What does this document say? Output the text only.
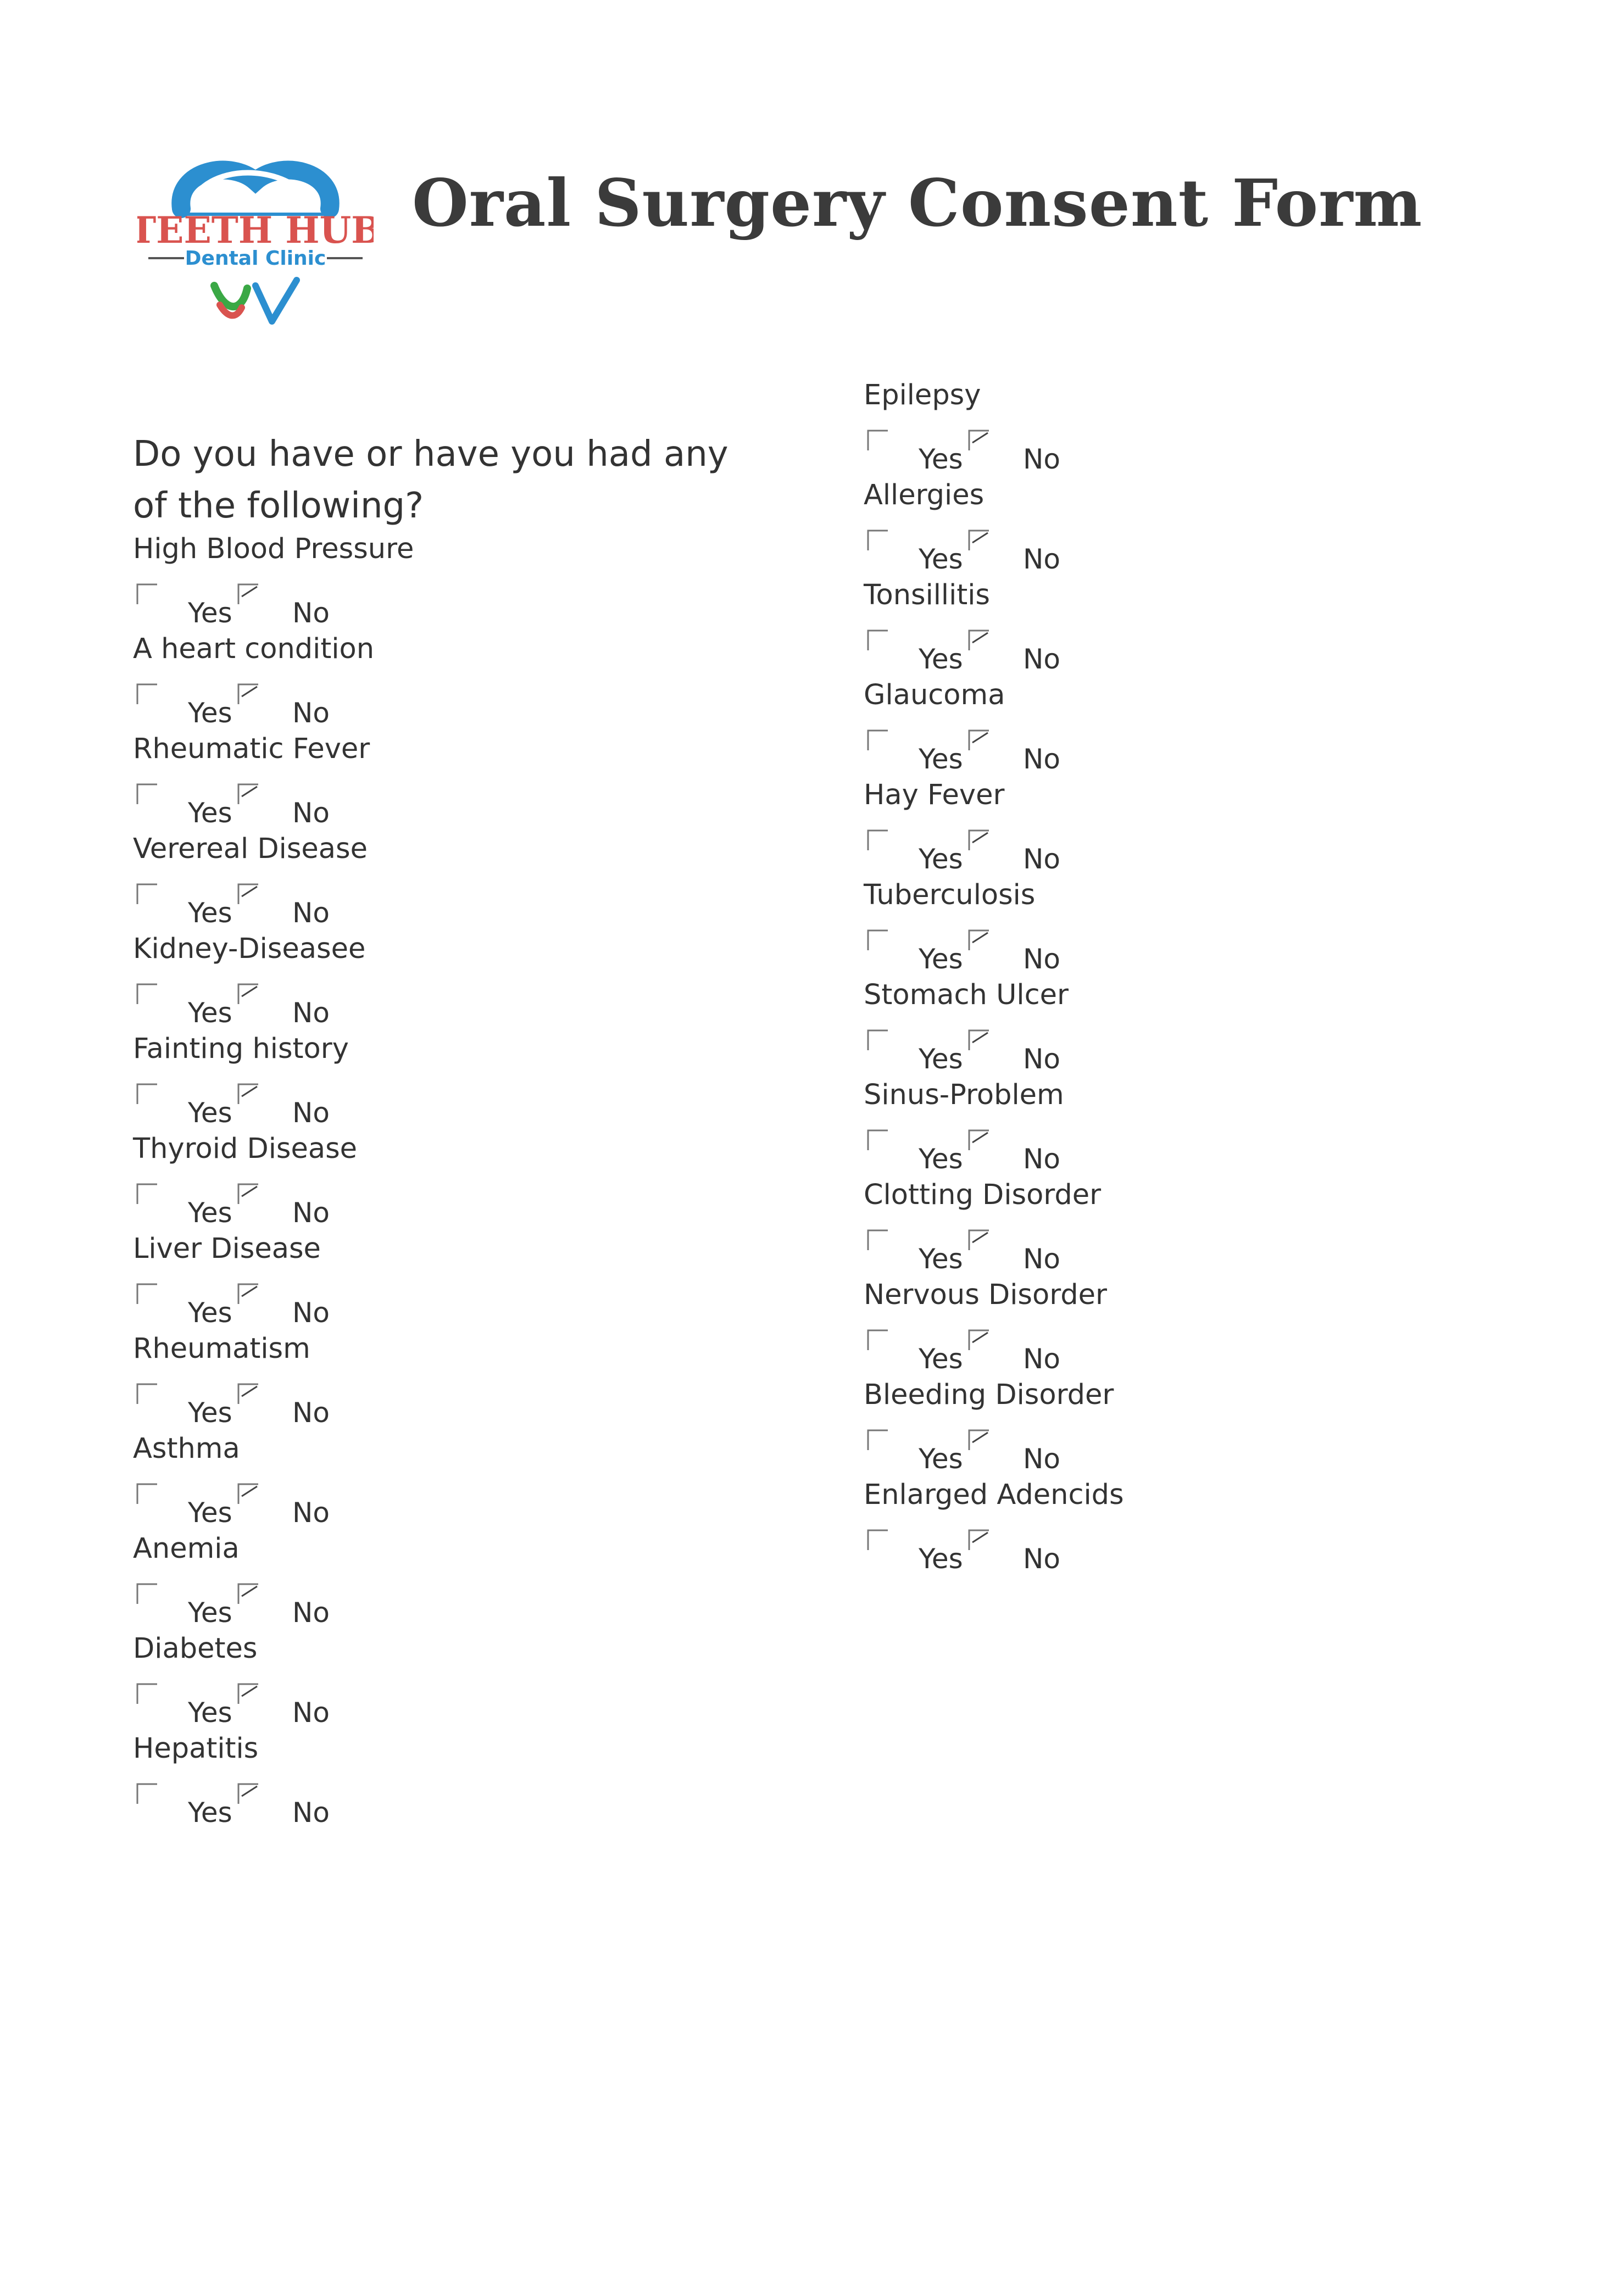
TEETH HUB
Dental Clinic
Oral Surgery Consent Form

Do you have or have you had any of the following?

High Blood Pressure
Yes No
A heart condition
Yes No
Rheumatic Fever
Yes No
Verereal Disease
Yes No
Kidney-Diseasee
Yes No
Fainting history
Yes No
Thyroid Disease
Yes No
Liver Disease
Yes No
Rheumatism
Yes No
Asthma
Yes No
Anemia
Yes No
Diabetes
Yes No
Hepatitis
Yes No
Epilepsy
Yes No
Allergies
Yes No
Tonsillitis
Yes No
Glaucoma
Yes No
Hay Fever
Yes No
Tuberculosis
Yes No
Stomach Ulcer
Yes No
Sinus-Problem
Yes No
Clotting Disorder
Yes No
Nervous Disorder
Yes No
Bleeding Disorder
Yes No
Enlarged Adencids
Yes No
